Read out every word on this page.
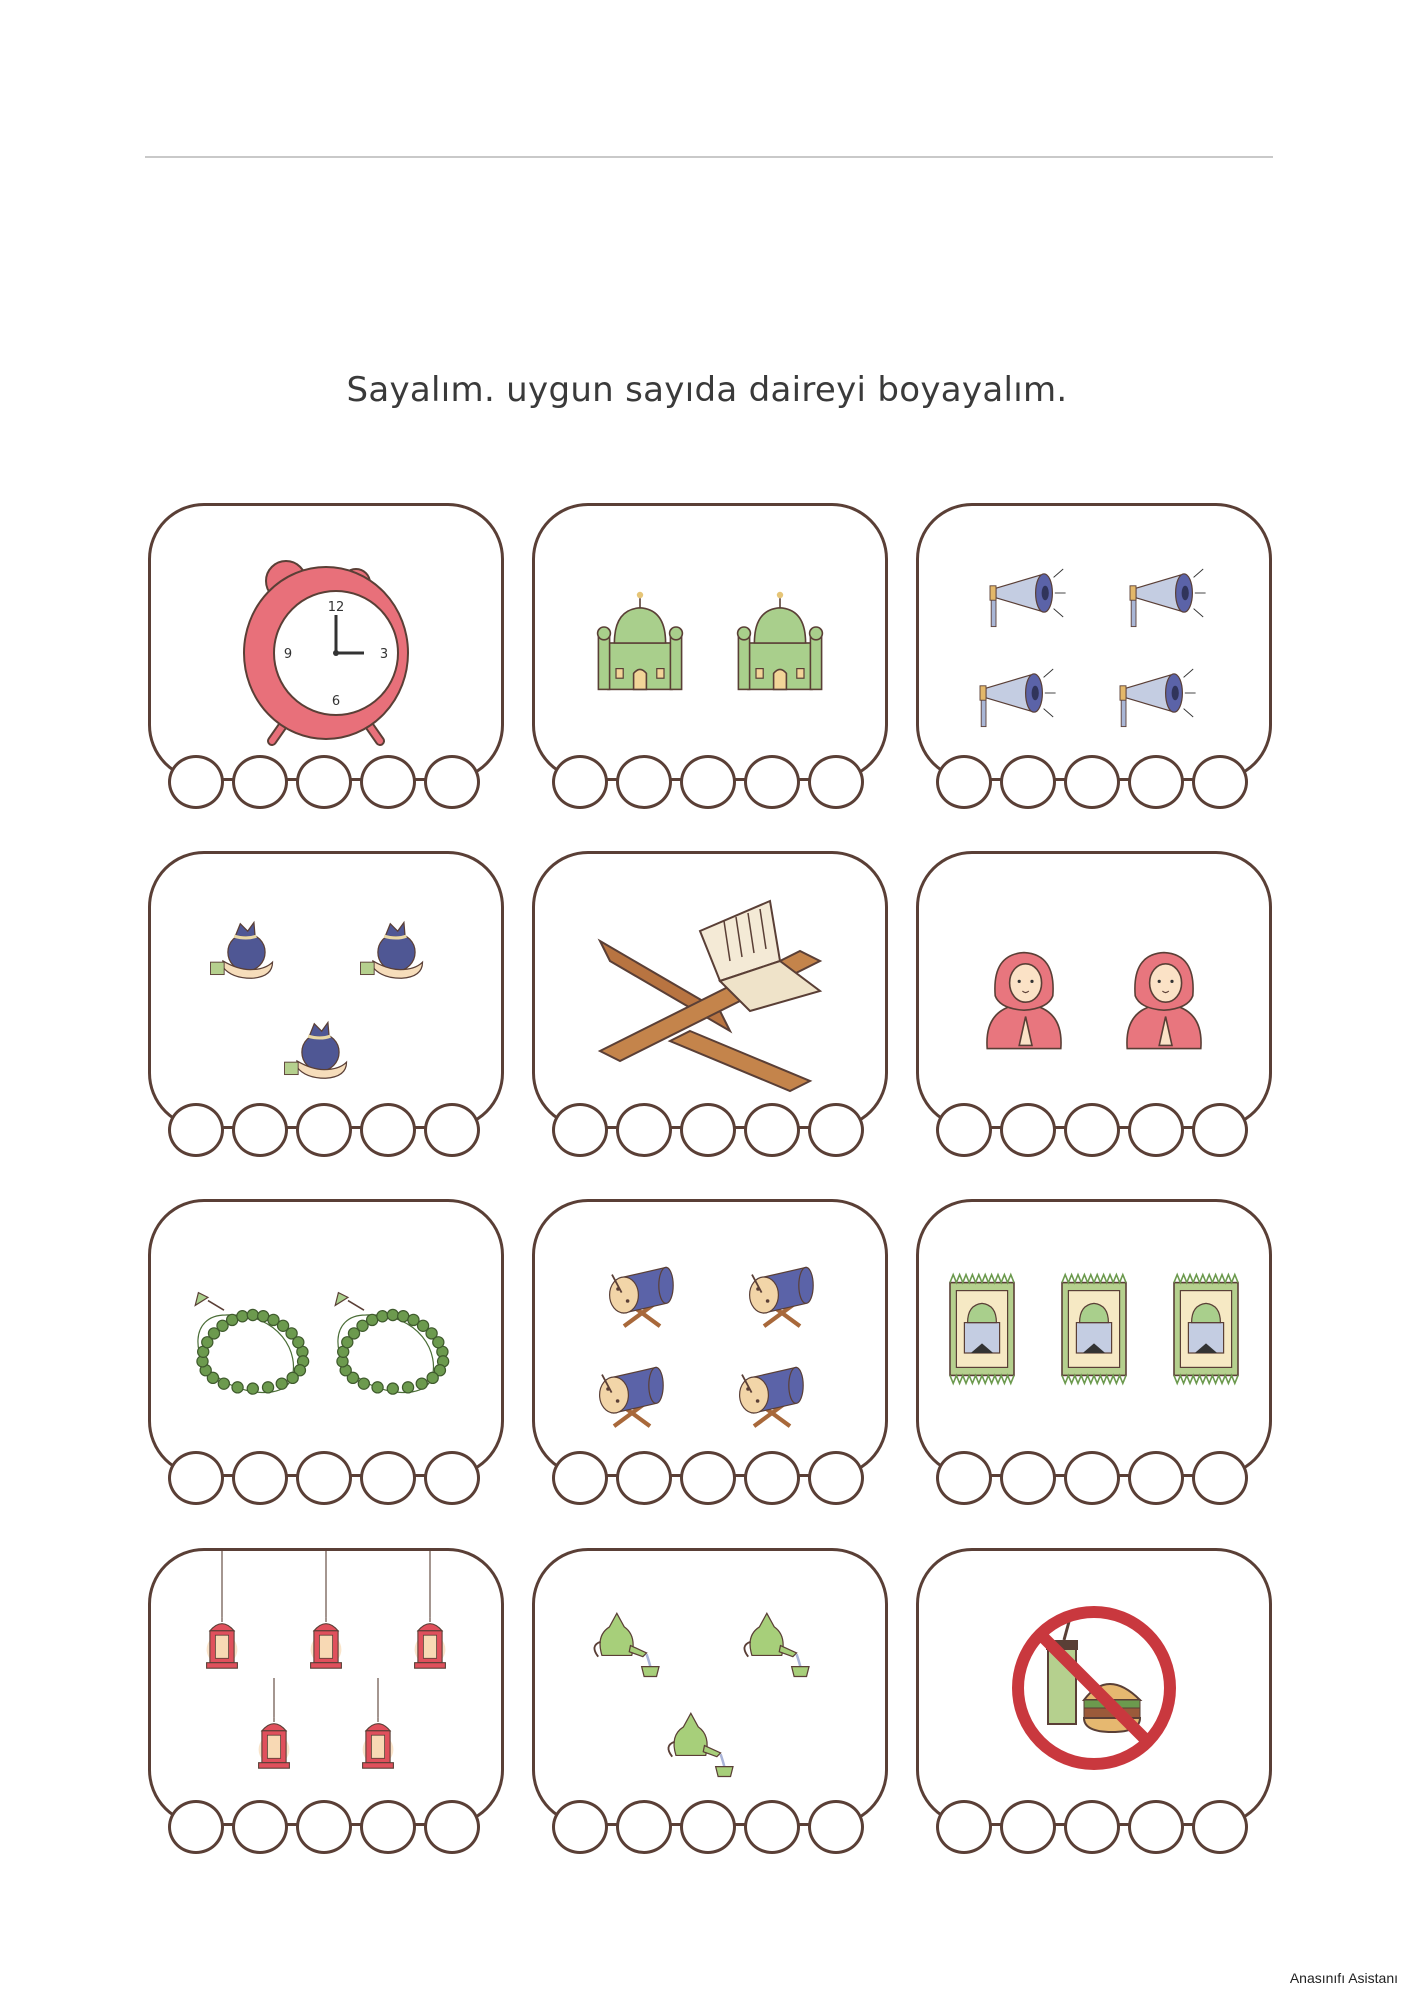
Sayalım. uygun sayıda daireyi boyayalım.
Anasınıfı Asistanı
